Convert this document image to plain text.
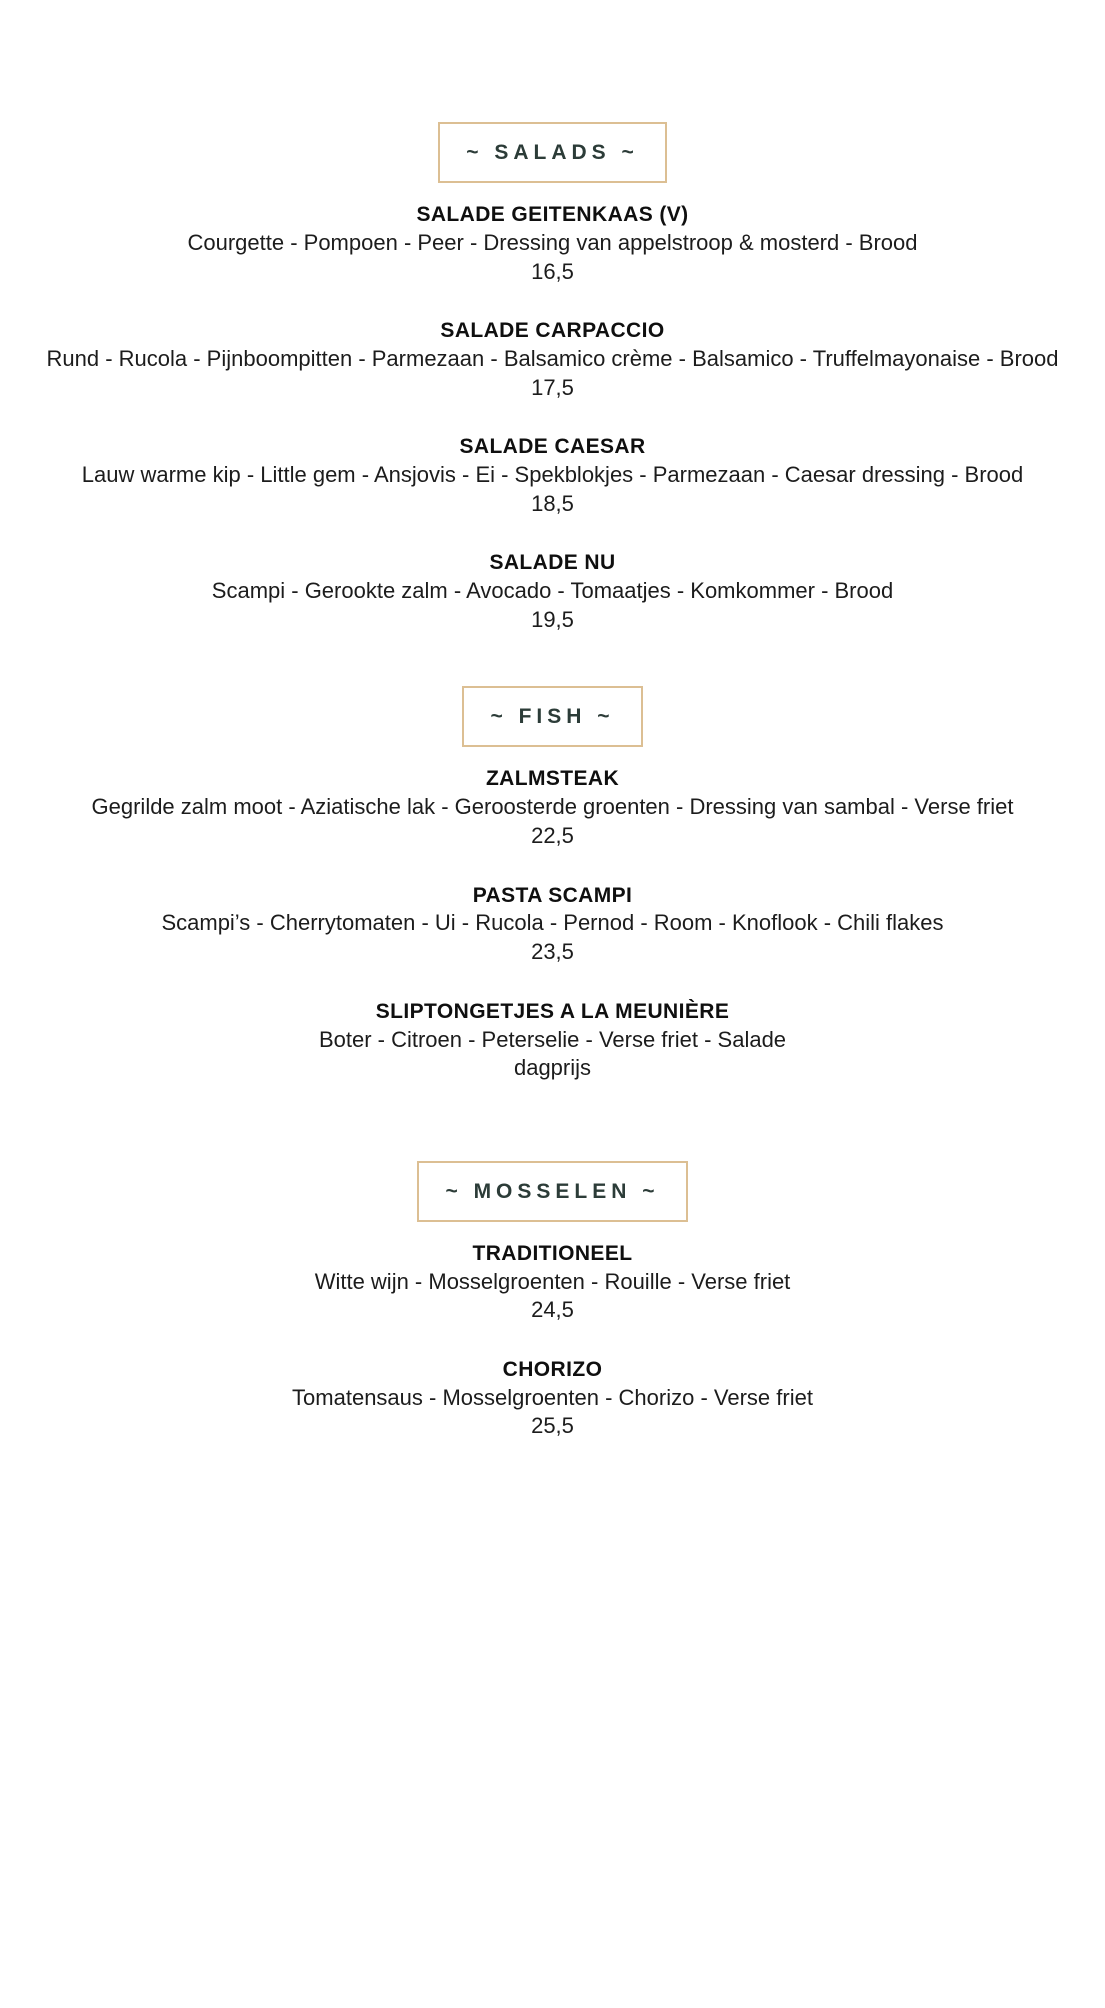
~ SALADS ~
SALADE GEITENKAAS (V)

Courgette - Pompoen - Peer - Dressing van appelstroop & mosterd - Brood

16,5

SALADE CARPACCIO

Rund - Rucola - Pijnboompitten - Parmezaan - Balsamico crème - Balsamico - Truffelmayonaise - Brood

17,5

SALADE CAESAR

Lauw warme kip - Little gem - Ansjovis - Ei - Spekblokjes - Parmezaan - Caesar dressing - Brood

18,5

SALADE NU

Scampi - Gerookte zalm - Avocado - Tomaatjes - Komkommer - Brood

19,5

~ FISH ~
ZALMSTEAK

Gegrilde zalm moot - Aziatische lak - Geroosterde groenten - Dressing van sambal - Verse friet

22,5

PASTA SCAMPI

Scampi’s - Cherrytomaten - Ui - Rucola - Pernod - Room - Knoflook - Chili flakes

23,5

SLIPTONGETJES A LA MEUNIÈRE

Boter - Citroen - Peterselie - Verse friet - Salade

dagprijs

~ MOSSELEN ~
TRADITIONEEL

Witte wijn - Mosselgroenten - Rouille - Verse friet

24,5

CHORIZO

Tomatensaus - Mosselgroenten - Chorizo - Verse friet

25,5
